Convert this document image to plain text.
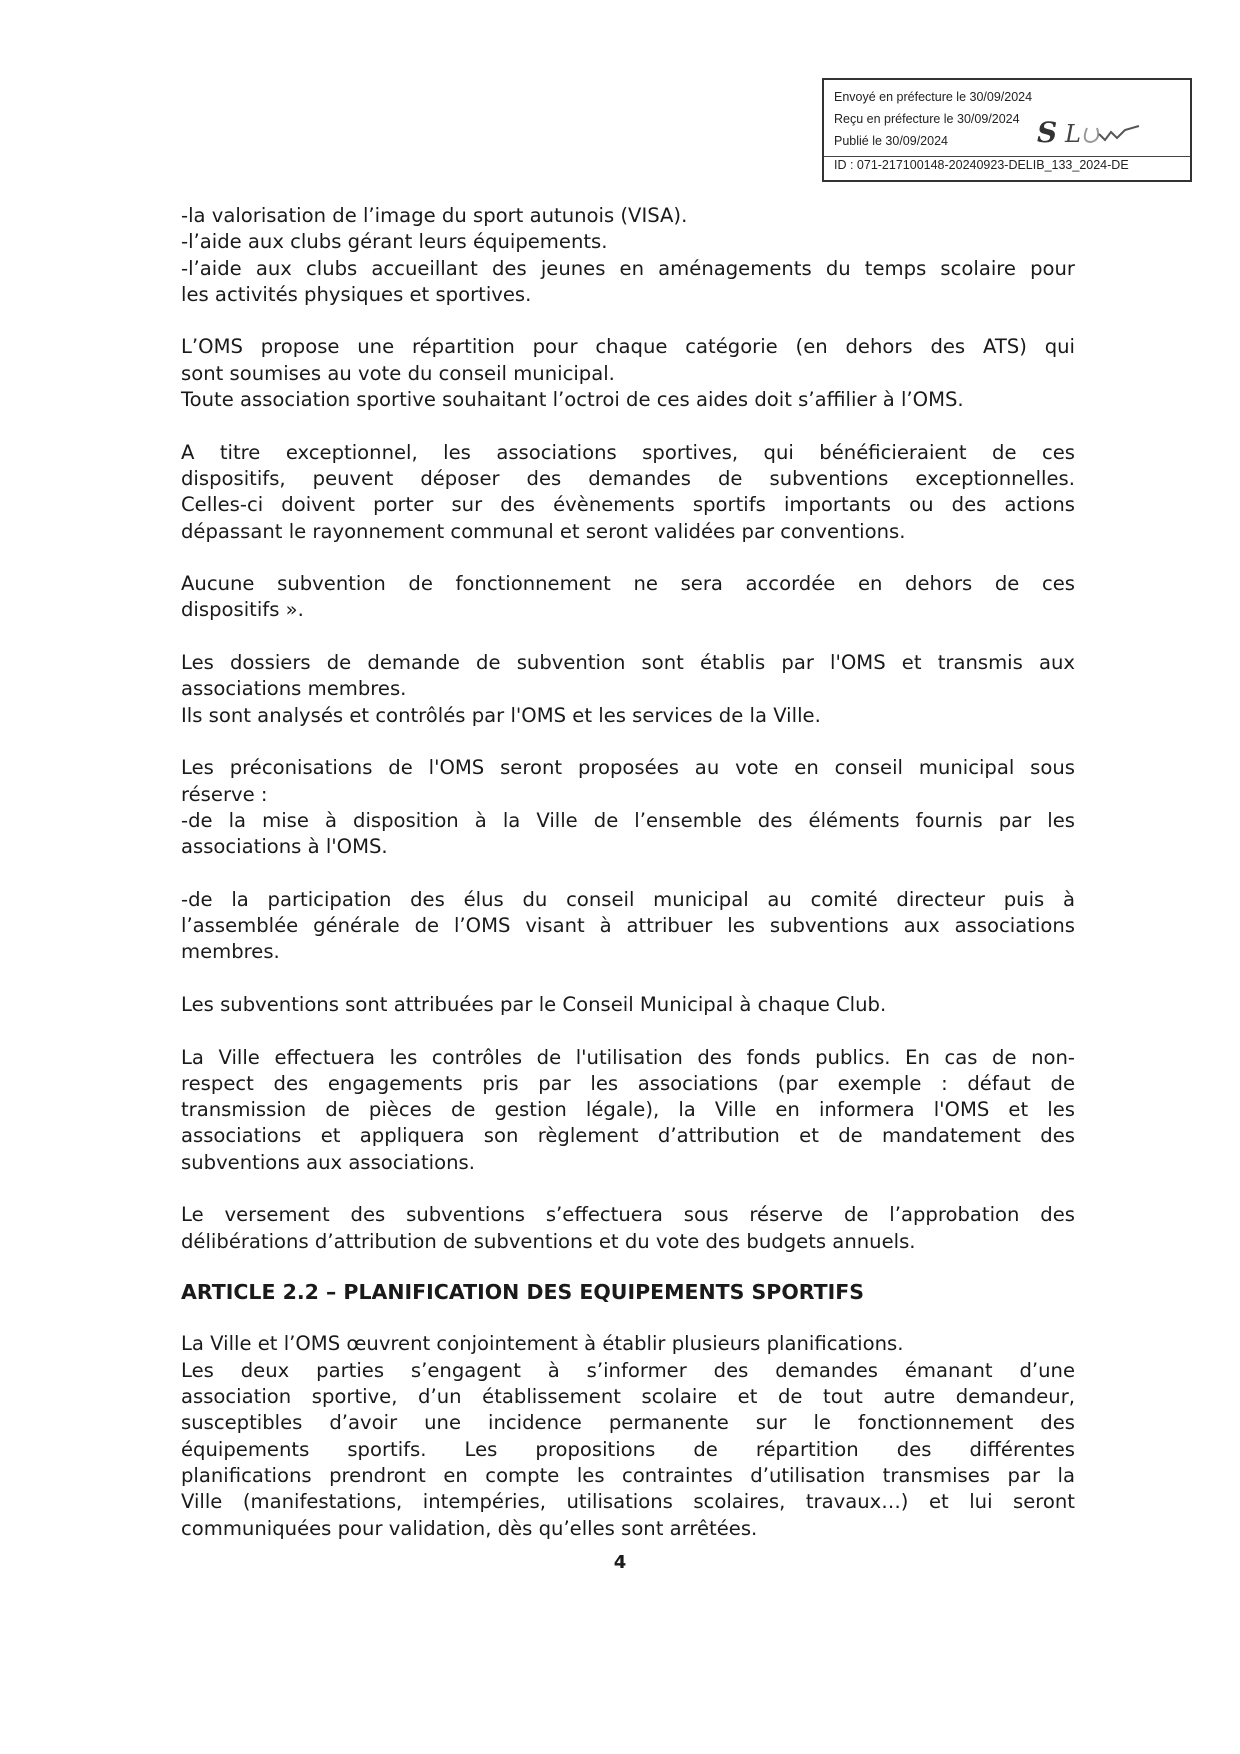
Envoyé en préfecture le 30/09/2024
Reçu en préfecture le 30/09/2024
Publié le 30/09/2024
ID : 071-217100148-20240923-DELIB_133_2024-DE
S L
-la valorisation de l’image du sport autunois (VISA).
-l’aide aux clubs gérant leurs équipements.
-l’aide aux clubs accueillant des jeunes en aménagements du temps scolaire pour
les activités physiques et sportives.
L’OMS propose une répartition pour chaque catégorie (en dehors des ATS) qui
sont soumises au vote du conseil municipal.
Toute association sportive souhaitant l’octroi de ces aides doit s’affilier à l’OMS.
A titre exceptionnel, les associations sportives, qui bénéficieraient de ces
dispositifs, peuvent déposer des demandes de subventions exceptionnelles.
Celles-ci doivent porter sur des évènements sportifs importants ou des actions
dépassant le rayonnement communal et seront validées par conventions.
Aucune subvention de fonctionnement ne sera accordée en dehors de ces
dispositifs ».
Les dossiers de demande de subvention sont établis par l'OMS et transmis aux
associations membres.
Ils sont analysés et contrôlés par l'OMS et les services de la Ville.
Les préconisations de l'OMS seront proposées au vote en conseil municipal sous
réserve :
-de la mise à disposition à la Ville de l’ensemble des éléments fournis par les
associations à l'OMS.
-de la participation des élus du conseil municipal au comité directeur puis à
l’assemblée générale de l’OMS visant à attribuer les subventions aux associations
membres.
Les subventions sont attribuées par le Conseil Municipal à chaque Club.
La Ville effectuera les contrôles de l'utilisation des fonds publics. En cas de non-
respect des engagements pris par les associations (par exemple : défaut de
transmission de pièces de gestion légale), la Ville en informera l'OMS et les
associations et appliquera son règlement d’attribution et de mandatement des
subventions aux associations.
Le versement des subventions s’effectuera sous réserve de l’approbation des
délibérations d’attribution de subventions et du vote des budgets annuels.
ARTICLE 2.2 – PLANIFICATION DES EQUIPEMENTS SPORTIFS
La Ville et l’OMS œuvrent conjointement à établir plusieurs planifications.
Les deux parties s’engagent à s’informer des demandes émanant d’une
association sportive, d’un établissement scolaire et de tout autre demandeur,
susceptibles d’avoir une incidence permanente sur le fonctionnement des
équipements sportifs. Les propositions de répartition des différentes
planifications prendront en compte les contraintes d’utilisation transmises par la
Ville (manifestations, intempéries, utilisations scolaires, travaux…) et lui seront
communiquées pour validation, dès qu’elles sont arrêtées.
4
